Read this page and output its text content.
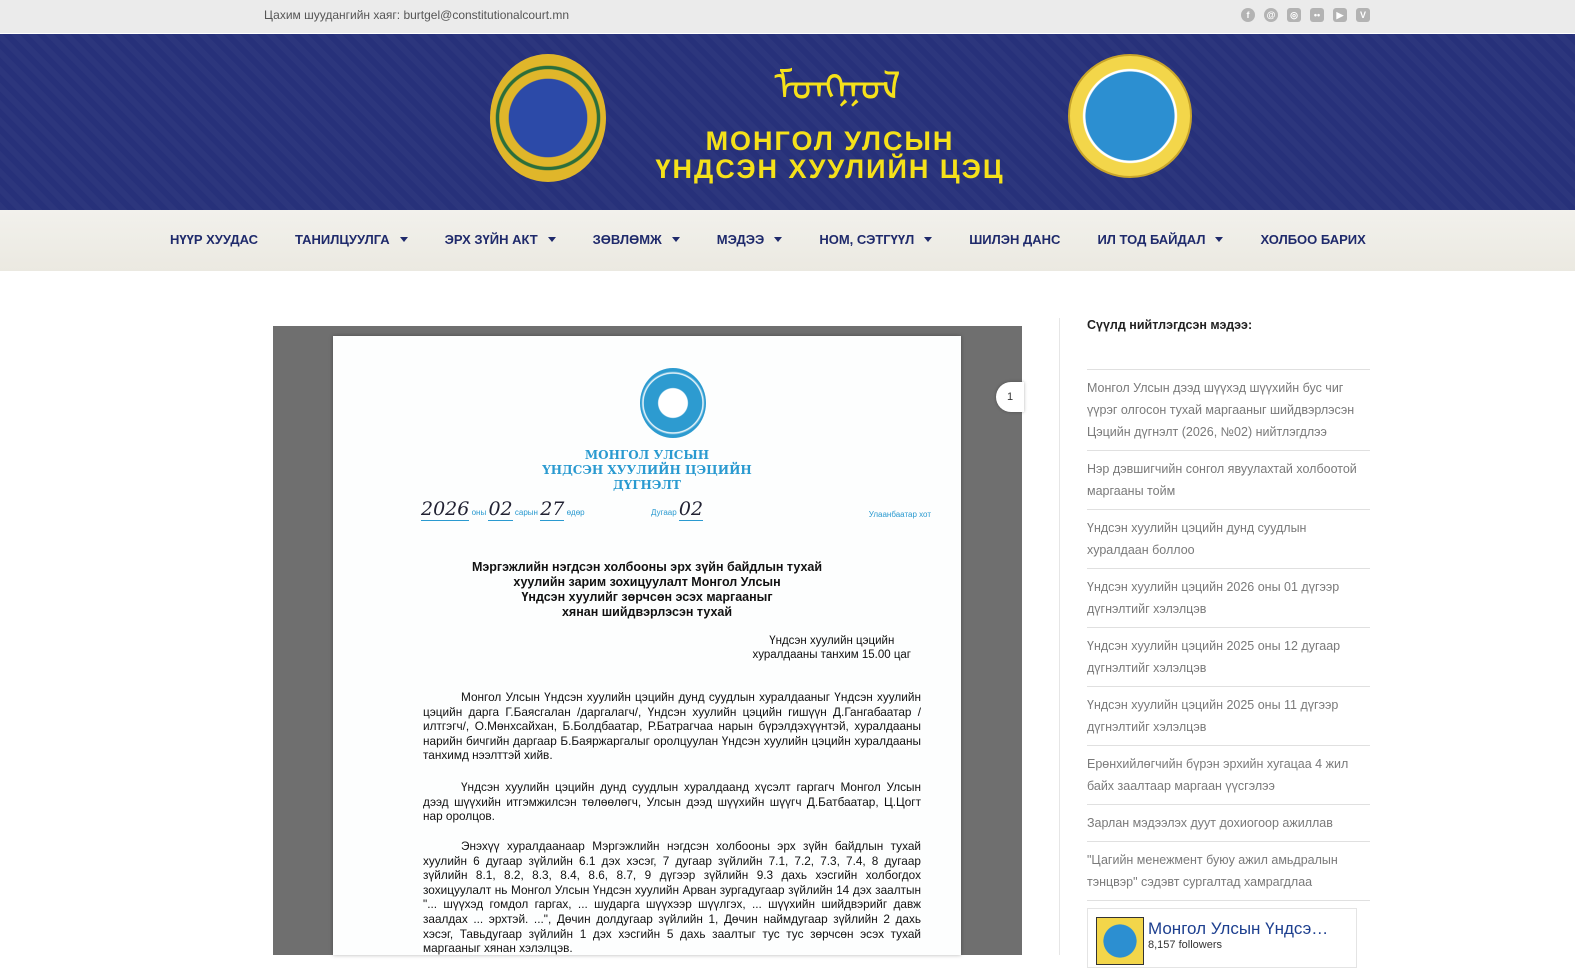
Цахим шуудангийн хаяг: burtgel@constitutionalcourt.mn	f	@	◎	••	▶	V
ᠮᠣᠩᠭᠣᠯ
МОНГОЛ УЛСЫН
ҮНДСЭН ХУУЛИЙН ЦЭЦ
НҮҮР ХУУДАС	ТАНИЛЦУУЛГА	ЭРХ ЗҮЙН АКТ	ЗӨВЛӨМЖ	МЭДЭЭ	НОМ, СЭТГҮҮЛ	ШИЛЭН ДАНС	ИЛ ТОД БАЙДАЛ	ХОЛБОО БАРИХ
МОНГОЛ УЛСЫН
ҮНДСЭН ХУУЛИЙН ЦЭЦИЙН
ДҮГНЭЛТ
2026 оны 02 сарын 27 өдөр	Дугаар 02	Улаанбаатар хот
Мэргэжлийн нэгдсэн холбооны эрх зүйн байдлын тухай
хуулийн зарим зохицуулалт Монгол Улсын
Үндсэн хуулийг зөрчсөн эсэх маргааныг
хянан шийдвэрлэсэн тухай
Үндсэн хуулийн цэцийн
хуралдааны танхим 15.00 цаг

Монгол Улсын Үндсэн хуулийн цэцийн дунд суудлын хуралдааныг Үндсэн хуулийн цэцийн дарга Г.Баясгалан /даргалагч/, Үндсэн хуулийн цэцийн гишүүн Д.Гангабаатар /илтгэгч/, О.Мөнхсайхан, Б.Болдбаатар, Р.Батрагчаа нарын бүрэлдэхүүнтэй, хуралдааны нарийн бичгийн даргаар Б.Баяржаргалыг оролцуулан Үндсэн хуулийн цэцийн хуралдааны танхимд нээлттэй хийв.

Үндсэн хуулийн цэцийн дунд суудлын хуралдаанд хүсэлт гаргагч Монгол Улсын дээд шүүхийн итгэмжилсэн төлөөлөгч, Улсын дээд шүүхийн шүүгч Д.Батбаатар, Ц.Цогт нар оролцов.

Энэхүү хуралдаанаар Мэргэжлийн нэгдсэн холбооны эрх зүйн байдлын тухай хуулийн 6 дугаар зүйлийн 6.1 дэх хэсэг, 7 дугаар зүйлийн 7.1, 7.2, 7.3, 7.4, 8 дугаар зүйлийн 8.1, 8.2, 8.3, 8.4, 8.6, 8.7, 9 дүгээр зүйлийн 9.3 дахь хэсгийн холбогдох зохицуулалт нь Монгол Улсын Үндсэн хуулийн Арван зургадугаар зүйлийн 14 дэх заалтын "... шүүхэд гомдол гаргах, ... шударга шүүхээр шүүлгэх, ... шүүхийн шийдвэрийг давж заалдах ... эрхтэй. ...", Дөчин долдугаар зүйлийн 1, Дөчин наймдугаар зүйлийн 2 дахь хэсэг, Тавьдугаар зүйлийн 1 дэх хэсгийн 5 дахь заалтыг тус тус зөрчсөн эсэх тухай маргааныг хянан хэлэлцэв.

1
Сүүлд нийтлэгдсэн мэдээ:
Монгол Улсын дээд шүүхэд шүүхийн бус чиг үүрэг олгосон тухай маргааныг шийдвэрлэсэн Цэцийн дүгнэлт (2026, №02) нийтлэгдлээ
Нэр дэвшигчийн сонгол явуулахтай холбоотой маргааны тойм
Үндсэн хуулийн цэцийн дунд суудлын хуралдаан боллоо
Үндсэн хуулийн цэцийн 2026 оны 01 дүгээр дүгнэлтийг хэлэлцэв
Үндсэн хуулийн цэцийн 2025 оны 12 дугаар дүгнэлтийг хэлэлцэв
Үндсэн хуулийн цэцийн 2025 оны 11 дүгээр дүгнэлтийг хэлэлцэв
Ерөнхийлөгчийн бүрэн эрхийн хугацаа 4 жил байх заалтаар маргаан үүсгэлээ
Зарлан мэдээлэх дуут дохиогоор ажиллав
"Цагийн менежмент буюу ажил амьдралын тэнцвэр" сэдэвт сургалтад хамрагдлаа
Монгол Улсын Үндсэ…
8,157 followers
